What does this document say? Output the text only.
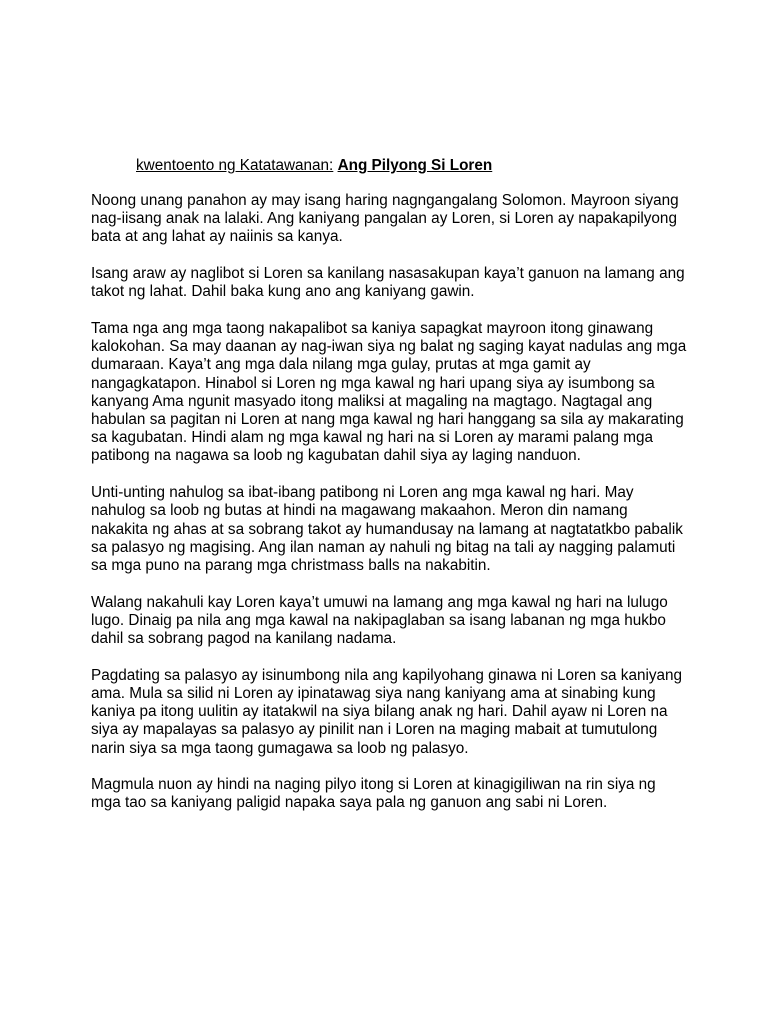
kwentoento ng Katatawanan: Ang Pilyong Si Loren
Noong unang panahon ay may isang haring nagngangalang Solomon. Mayroon siyang
nag-iisang anak na lalaki. Ang kaniyang pangalan ay Loren, si Loren ay napakapilyong
bata at ang lahat ay naiinis sa kanya.
Isang araw ay naglibot si Loren sa kanilang nasasakupan kaya’t ganuon na lamang ang
takot ng lahat. Dahil baka kung ano ang kaniyang gawin.
Tama nga ang mga taong nakapalibot sa kaniya sapagkat mayroon itong ginawang
kalokohan. Sa may daanan ay nag-iwan siya ng balat ng saging kayat nadulas ang mga
dumaraan. Kaya’t ang mga dala nilang mga gulay, prutas at mga gamit ay
nangagkatapon. Hinabol si Loren ng mga kawal ng hari upang siya ay isumbong sa
kanyang Ama ngunit masyado itong maliksi at magaling na magtago. Nagtagal ang
habulan sa pagitan ni Loren at nang mga kawal ng hari hanggang sa sila ay makarating
sa kagubatan. Hindi alam ng mga kawal ng hari na si Loren ay marami palang mga
patibong na nagawa sa loob ng kagubatan dahil siya ay laging nanduon.
Unti-unting nahulog sa ibat-ibang patibong ni Loren ang mga kawal ng hari. May
nahulog sa loob ng butas at hindi na magawang makaahon. Meron din namang
nakakita ng ahas at sa sobrang takot ay humandusay na lamang at nagtatatkbo pabalik
sa palasyo ng magising. Ang ilan naman ay nahuli ng bitag na tali ay nagging palamuti
sa mga puno na parang mga christmass balls na nakabitin.
Walang nakahuli kay Loren kaya’t umuwi na lamang ang mga kawal ng hari na lulugo
lugo. Dinaig pa nila ang mga kawal na nakipaglaban sa isang labanan ng mga hukbo
dahil sa sobrang pagod na kanilang nadama.
Pagdating sa palasyo ay isinumbong nila ang kapilyohang ginawa ni Loren sa kaniyang
ama. Mula sa silid ni Loren ay ipinatawag siya nang kaniyang ama at sinabing kung
kaniya pa itong uulitin ay itatakwil na siya bilang anak ng hari. Dahil ayaw ni Loren na
siya ay mapalayas sa palasyo ay pinilit nan i Loren na maging mabait at tumutulong
narin siya sa mga taong gumagawa sa loob ng palasyo.
Magmula nuon ay hindi na naging pilyo itong si Loren at kinagigiliwan na rin siya ng
mga tao sa kaniyang paligid napaka saya pala ng ganuon ang sabi ni Loren.
